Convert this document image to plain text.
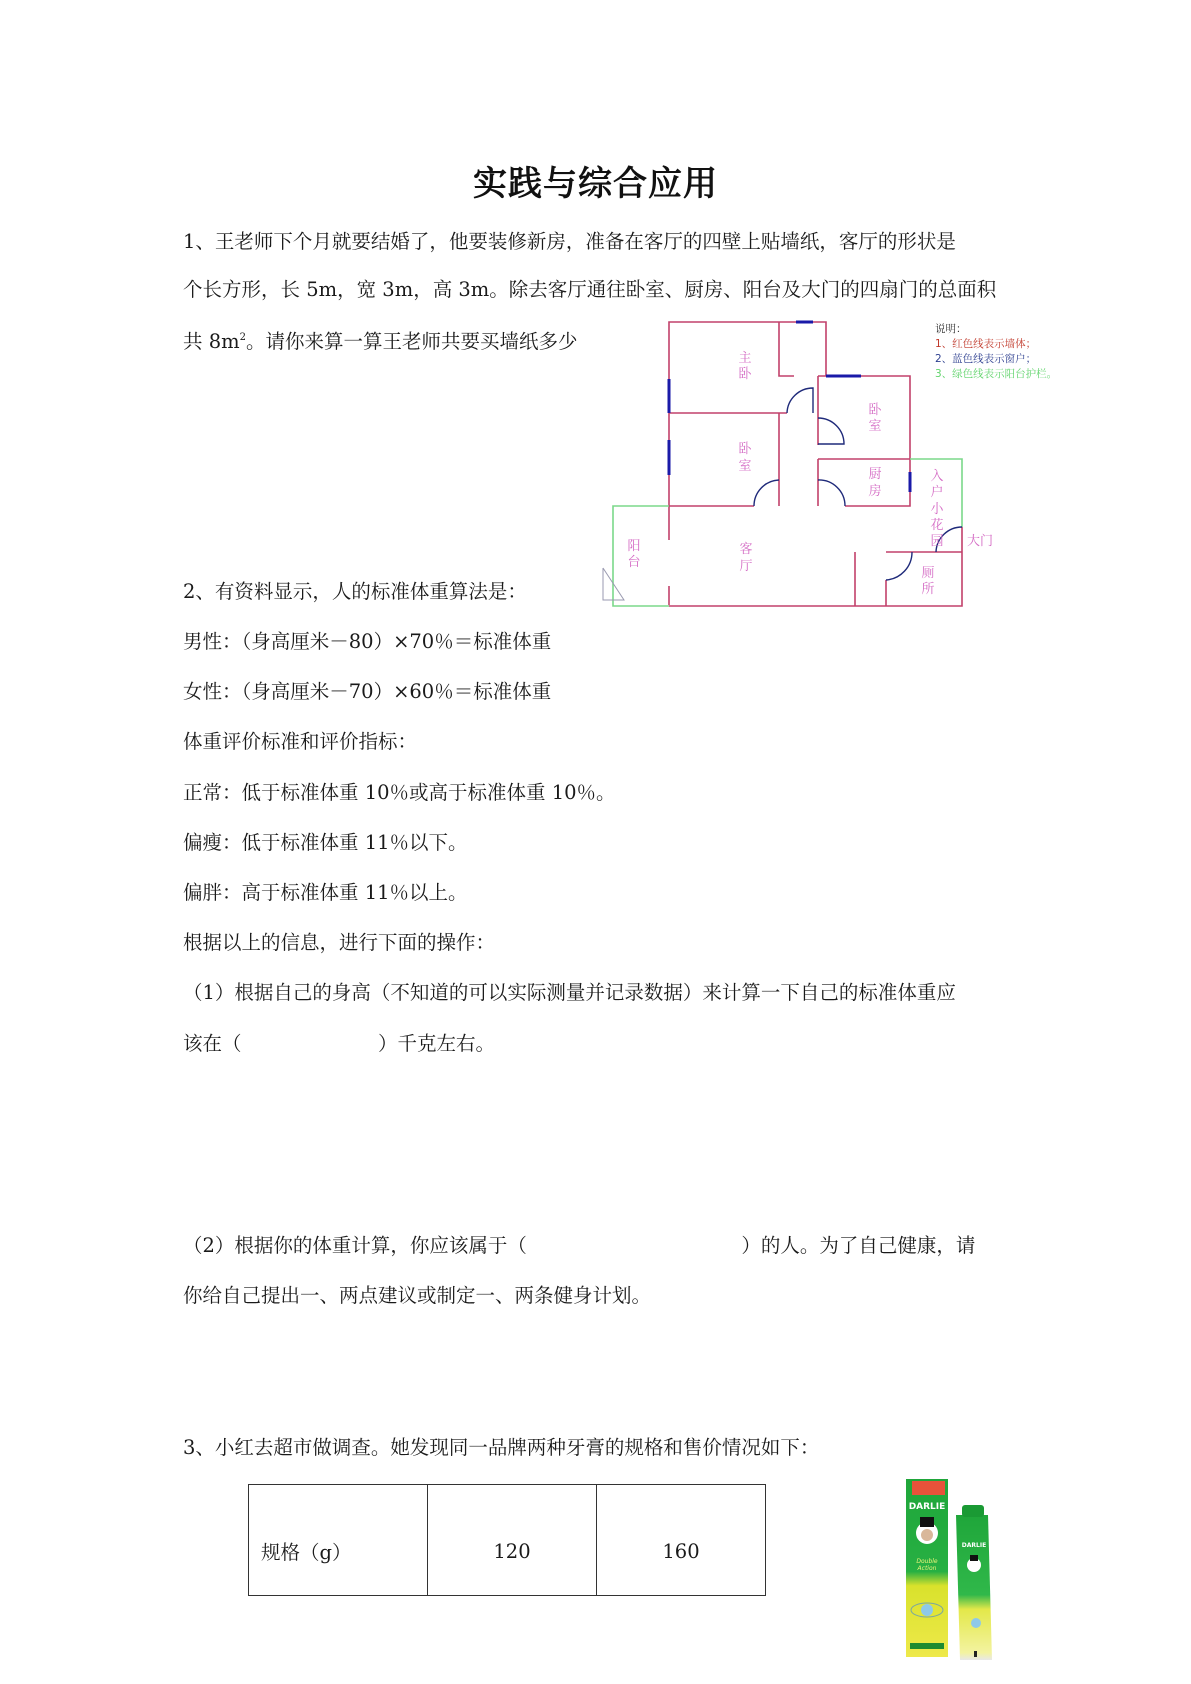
实践与综合应用
1、王老师下个月就要结婚了，他要装修新房，准备在客厅的四壁上贴墙纸，客厅的形状是
个长方形，长 5m，宽 3m，高 3m。除去客厅通往卧室、厨房、阳台及大门的四扇门的总面积
共 $8m^2$。请你来算一算王老师共要买墙纸多少
主
卧
卧
室
卧
室
厨
房
入
户
小
花
园 大门
阳
台
客
厅	厕
所
说明：
1、红色线表示墙体；
2、蓝色线表示窗户；
3、绿色线表示阳台护栏。
2、有资料显示，人的标准体重算法是：
男性：（身高厘米－80）×70％＝标准体重
女性：（身高厘米－70）×60％＝标准体重
体重评价标准和评价指标：
正常：低于标准体重 10％或高于标准体重 10％。
偏瘦：低于标准体重 11％以下。
偏胖：高于标准体重 11％以上。
根据以上的信息，进行下面的操作：
（1）根据自己的身高（不知道的可以实际测量并记录数据）来计算一下自己的标准体重应
该在（　　　　　　　）千克左右。
（2）根据你的体重计算，你应该属于（　　　　　　　　　　　）的人。为了自己健康，请
你给自己提出一、两点建议或制定一、两条健身计划。
3、小红去超市做调查。她发现同一品牌两种牙膏的规格和售价情况如下：
规格（g）	120	160
DARLIE
Double
Action
DARLIE
